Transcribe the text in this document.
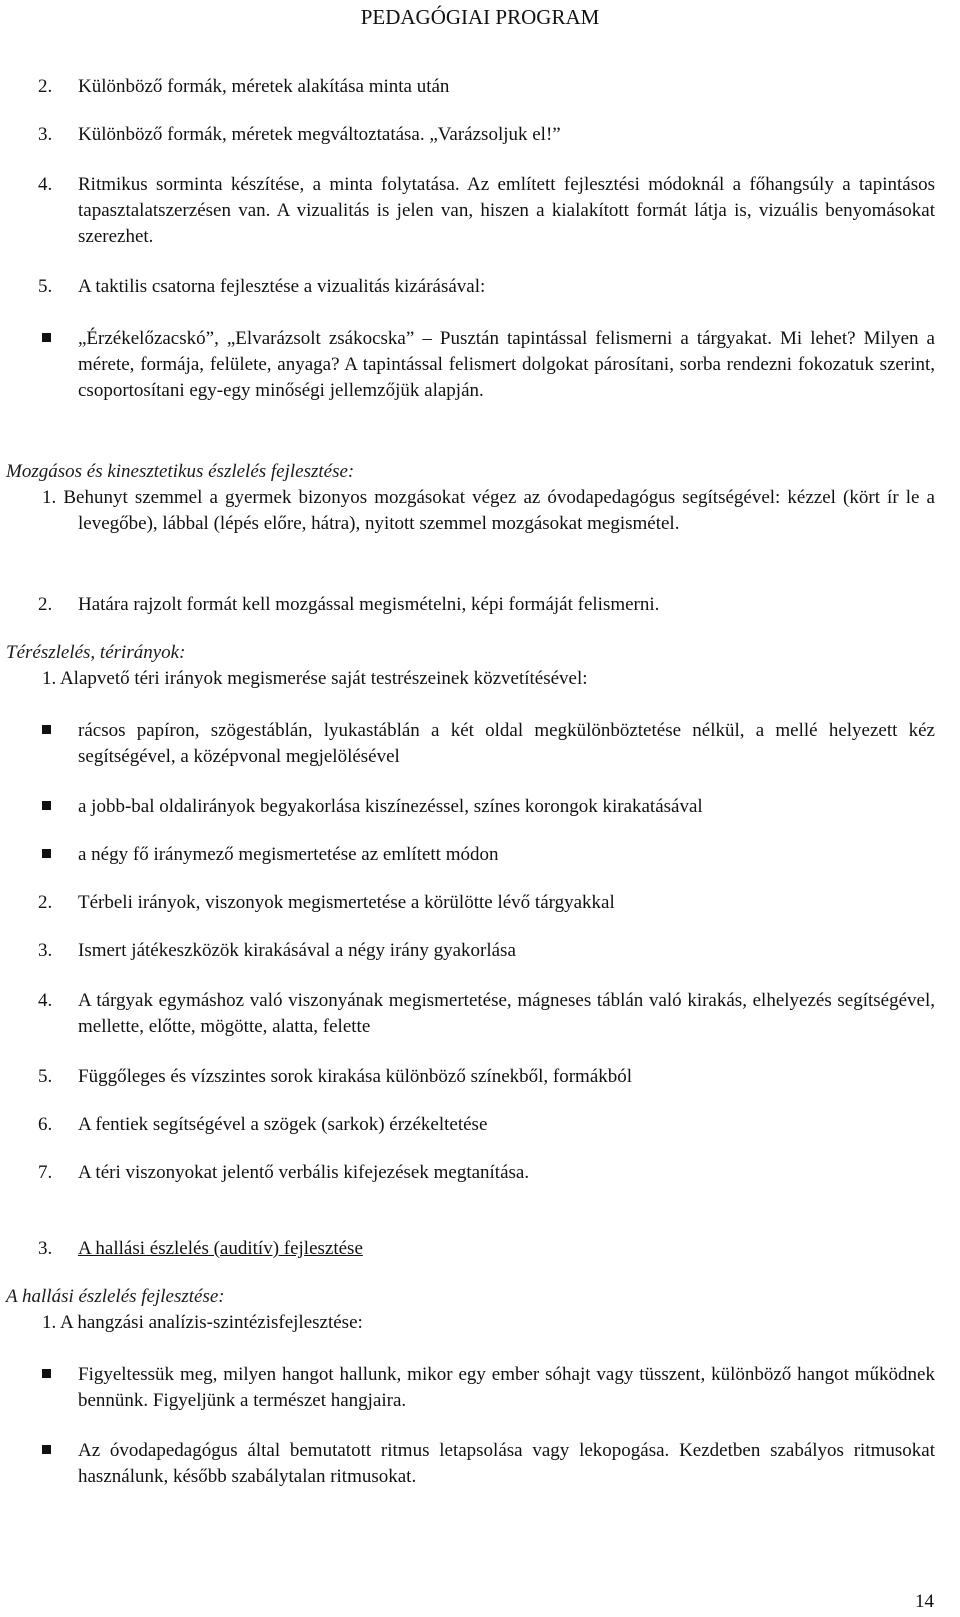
PEDAGÓGIAI PROGRAM
2. Különböző formák, méretek alakítása minta után
3. Különböző formák, méretek megváltoztatása. „Varázsoljuk el!”
4. Ritmikus sorminta készítése, a minta folytatása. Az említett fejlesztési módoknál a főhangsúly a tapintásos tapasztalatszerzésen van. A vizualitás is jelen van, hiszen a kialakított formát látja is, vizuális benyomásokat szerezhet.
5. A taktilis csatorna fejlesztése a vizualitás kizárásával:
„Érzékelőzacskó”, „Elvarázsolt zsákocska” – Pusztán tapintással felismerni a tárgyakat. Mi lehet? Milyen a mérete, formája, felülete, anyaga? A tapintással felismert dolgokat párosítani, sorba rendezni fokozatuk szerint, csoportosítani egy-egy minőségi jellemzőjük alapján.
Mozgásos és kinesztetikus észlelés fejlesztése:
1. Behunyt szemmel a gyermek bizonyos mozgásokat végez az óvodapedagógus segítségével: kézzel (kört ír le a levegőbe), lábbal (lépés előre, hátra), nyitott szemmel mozgásokat megismétel.
2. Határa rajzolt formát kell mozgással megismételni, képi formáját felismerni.
Térészlelés, térirányok:
1. Alapvető téri irányok megismerése saját testrészeinek közvetítésével:
rácsos papíron, szögestáblán, lyukastáblán a két oldal megkülönböztetése nélkül, a mellé helyezett kéz segítségével, a középvonal megjelölésével
a jobb-bal oldalirányok begyakorlása kiszínezéssel, színes korongok kirakatásával
a négy fő iránymező megismertetése az említett módon
2. Térbeli irányok, viszonyok megismertetése a körülötte lévő tárgyakkal
3. Ismert játékeszközök kirakásával a négy irány gyakorlása
4. A tárgyak egymáshoz való viszonyának megismertetése, mágneses táblán való kirakás, elhelyezés segítségével, mellette, előtte, mögötte, alatta, felette
5. Függőleges és vízszintes sorok kirakása különböző színekből, formákból
6. A fentiek segítségével a szögek (sarkok) érzékeltetése
7. A téri viszonyokat jelentő verbális kifejezések megtanítása.
3. A hallási észlelés (auditív) fejlesztése
A hallási észlelés fejlesztése:
1. A hangzási analízis-szintézisfejlesztése:
Figyeltessük meg, milyen hangot hallunk, mikor egy ember sóhajt vagy tüsszent, különböző hangot működnek bennünk. Figyeljünk a természet hangjaira.
Az óvodapedagógus által bemutatott ritmus letapsolása vagy lekopogása. Kezdetben szabályos ritmusokat használunk, később szabálytalan ritmusokat.
14
